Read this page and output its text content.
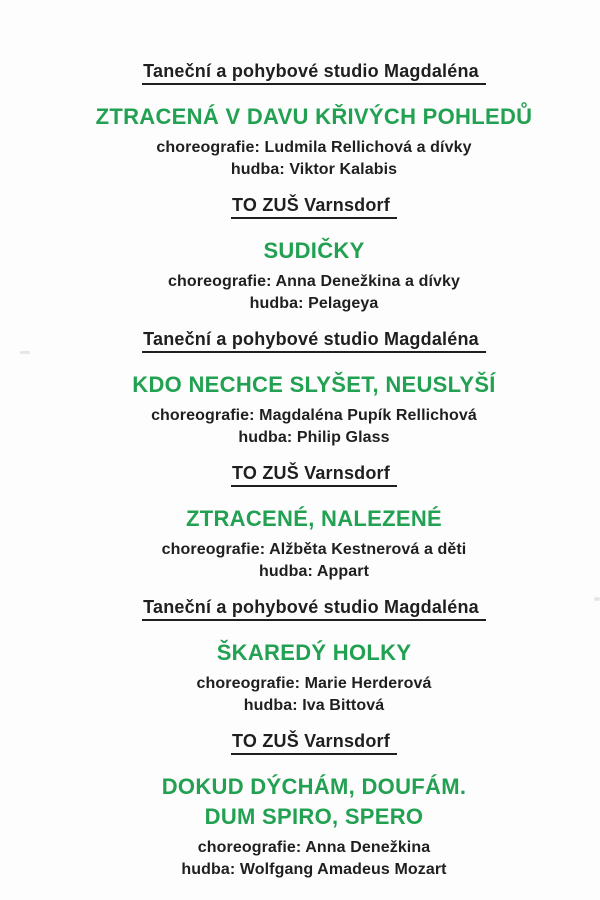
Taneční a pohybové studio Magdaléna
ZTRACENÁ V DAVU KŘIVÝCH POHLEDŮ

choreografie: Ludmila Rellichová a dívky

hudba: Viktor Kalabis

TO ZUŠ Varnsdorf
SUDIČKY

choreografie: Anna Denežkina a dívky

hudba: Pelageya

Taneční a pohybové studio Magdaléna
KDO NECHCE SLYŠET, NEUSLYŠÍ

choreografie: Magdaléna Pupík Rellichová

hudba: Philip Glass

TO ZUŠ Varnsdorf
ZTRACENÉ, NALEZENÉ

choreografie: Alžběta Kestnerová a děti

hudba: Appart

Taneční a pohybové studio Magdaléna
ŠKAREDÝ HOLKY

choreografie: Marie Herderová

hudba: Iva Bittová

TO ZUŠ Varnsdorf
DOKUD DÝCHÁM, DOUFÁM.
DUM SPIRO, SPERO

choreografie: Anna Denežkina

hudba: Wolfgang Amadeus Mozart
